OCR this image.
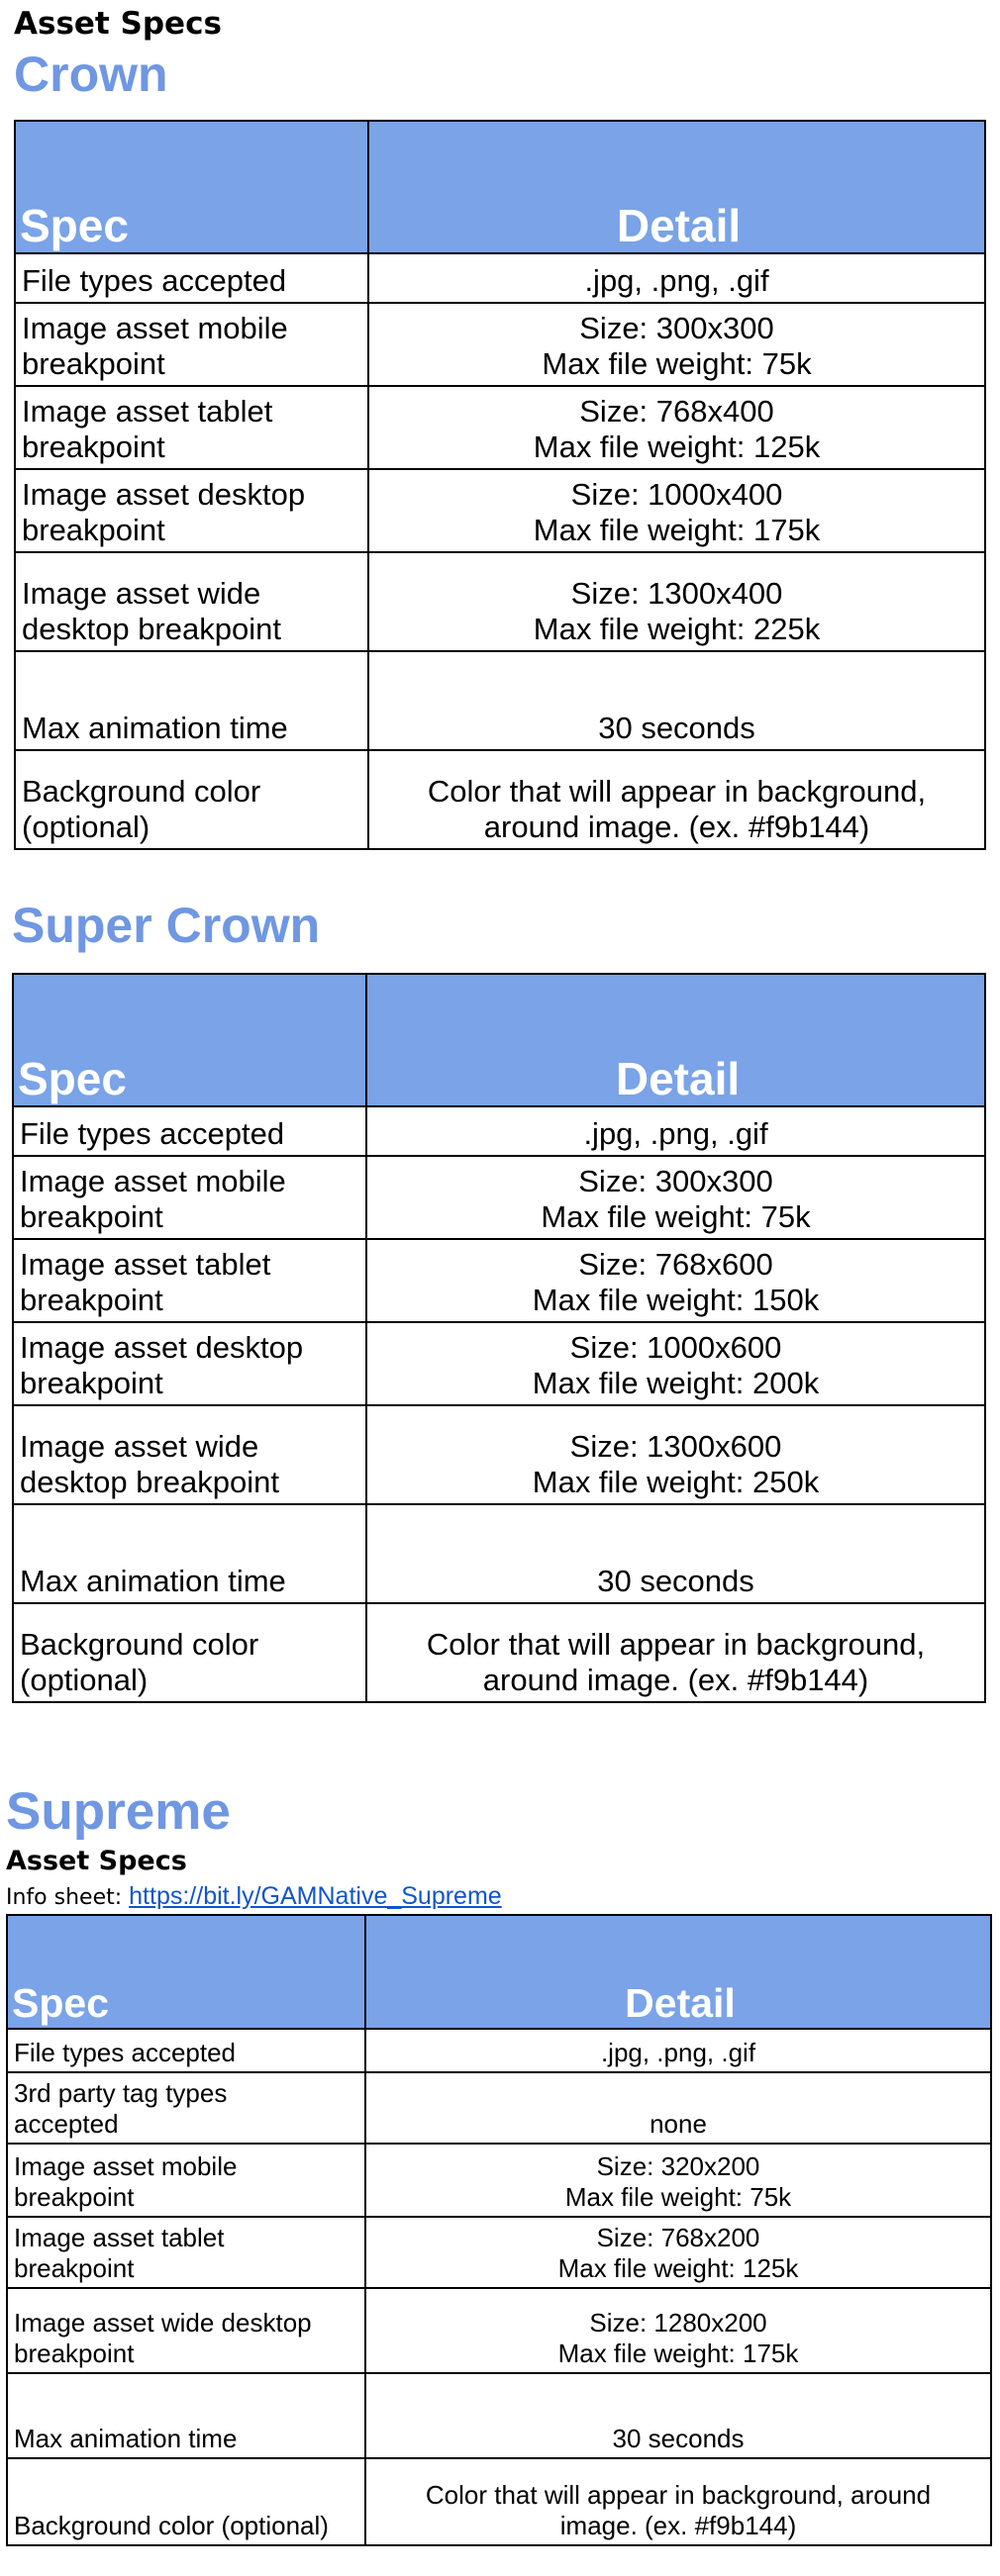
Asset Specs
Crown
Spec	Detail

File types accepted	.jpg, .png, .gif

Image asset mobile
breakpoint	Size: 300x300
Max file weight: 75k

Image asset tablet
breakpoint	Size: 768x400
Max file weight: 125k

Image asset desktop
breakpoint	Size: 1000x400
Max file weight: 175k

Image asset wide
desktop breakpoint	Size: 1300x400
Max file weight: 225k

Max animation time	30 seconds

Background color
(optional)	Color that will appear in background,
around image. (ex. #f9b144)
Super Crown
Spec	Detail

File types accepted	.jpg, .png, .gif

Image asset mobile
breakpoint	Size: 300x300
Max file weight: 75k

Image asset tablet
breakpoint	Size: 768x600
Max file weight: 150k

Image asset desktop
breakpoint	Size: 1000x600
Max file weight: 200k

Image asset wide
desktop breakpoint	Size: 1300x600
Max file weight: 250k

Max animation time	30 seconds

Background color
(optional)	Color that will appear in background,
around image. (ex. #f9b144)
Supreme
Asset Specs
Info sheet: https://bit.ly/GAMNative_Supreme
Spec	Detail

File types accepted	.jpg, .png, .gif

3rd party tag types
accepted	none

Image asset mobile
breakpoint	Size: 320x200
Max file weight: 75k

Image asset tablet
breakpoint	Size: 768x200
Max file weight: 125k

Image asset wide desktop
breakpoint	Size: 1280x200
Max file weight: 175k

Max animation time	30 seconds

Background color (optional)	Color that will appear in background, around
image. (ex. #f9b144)
